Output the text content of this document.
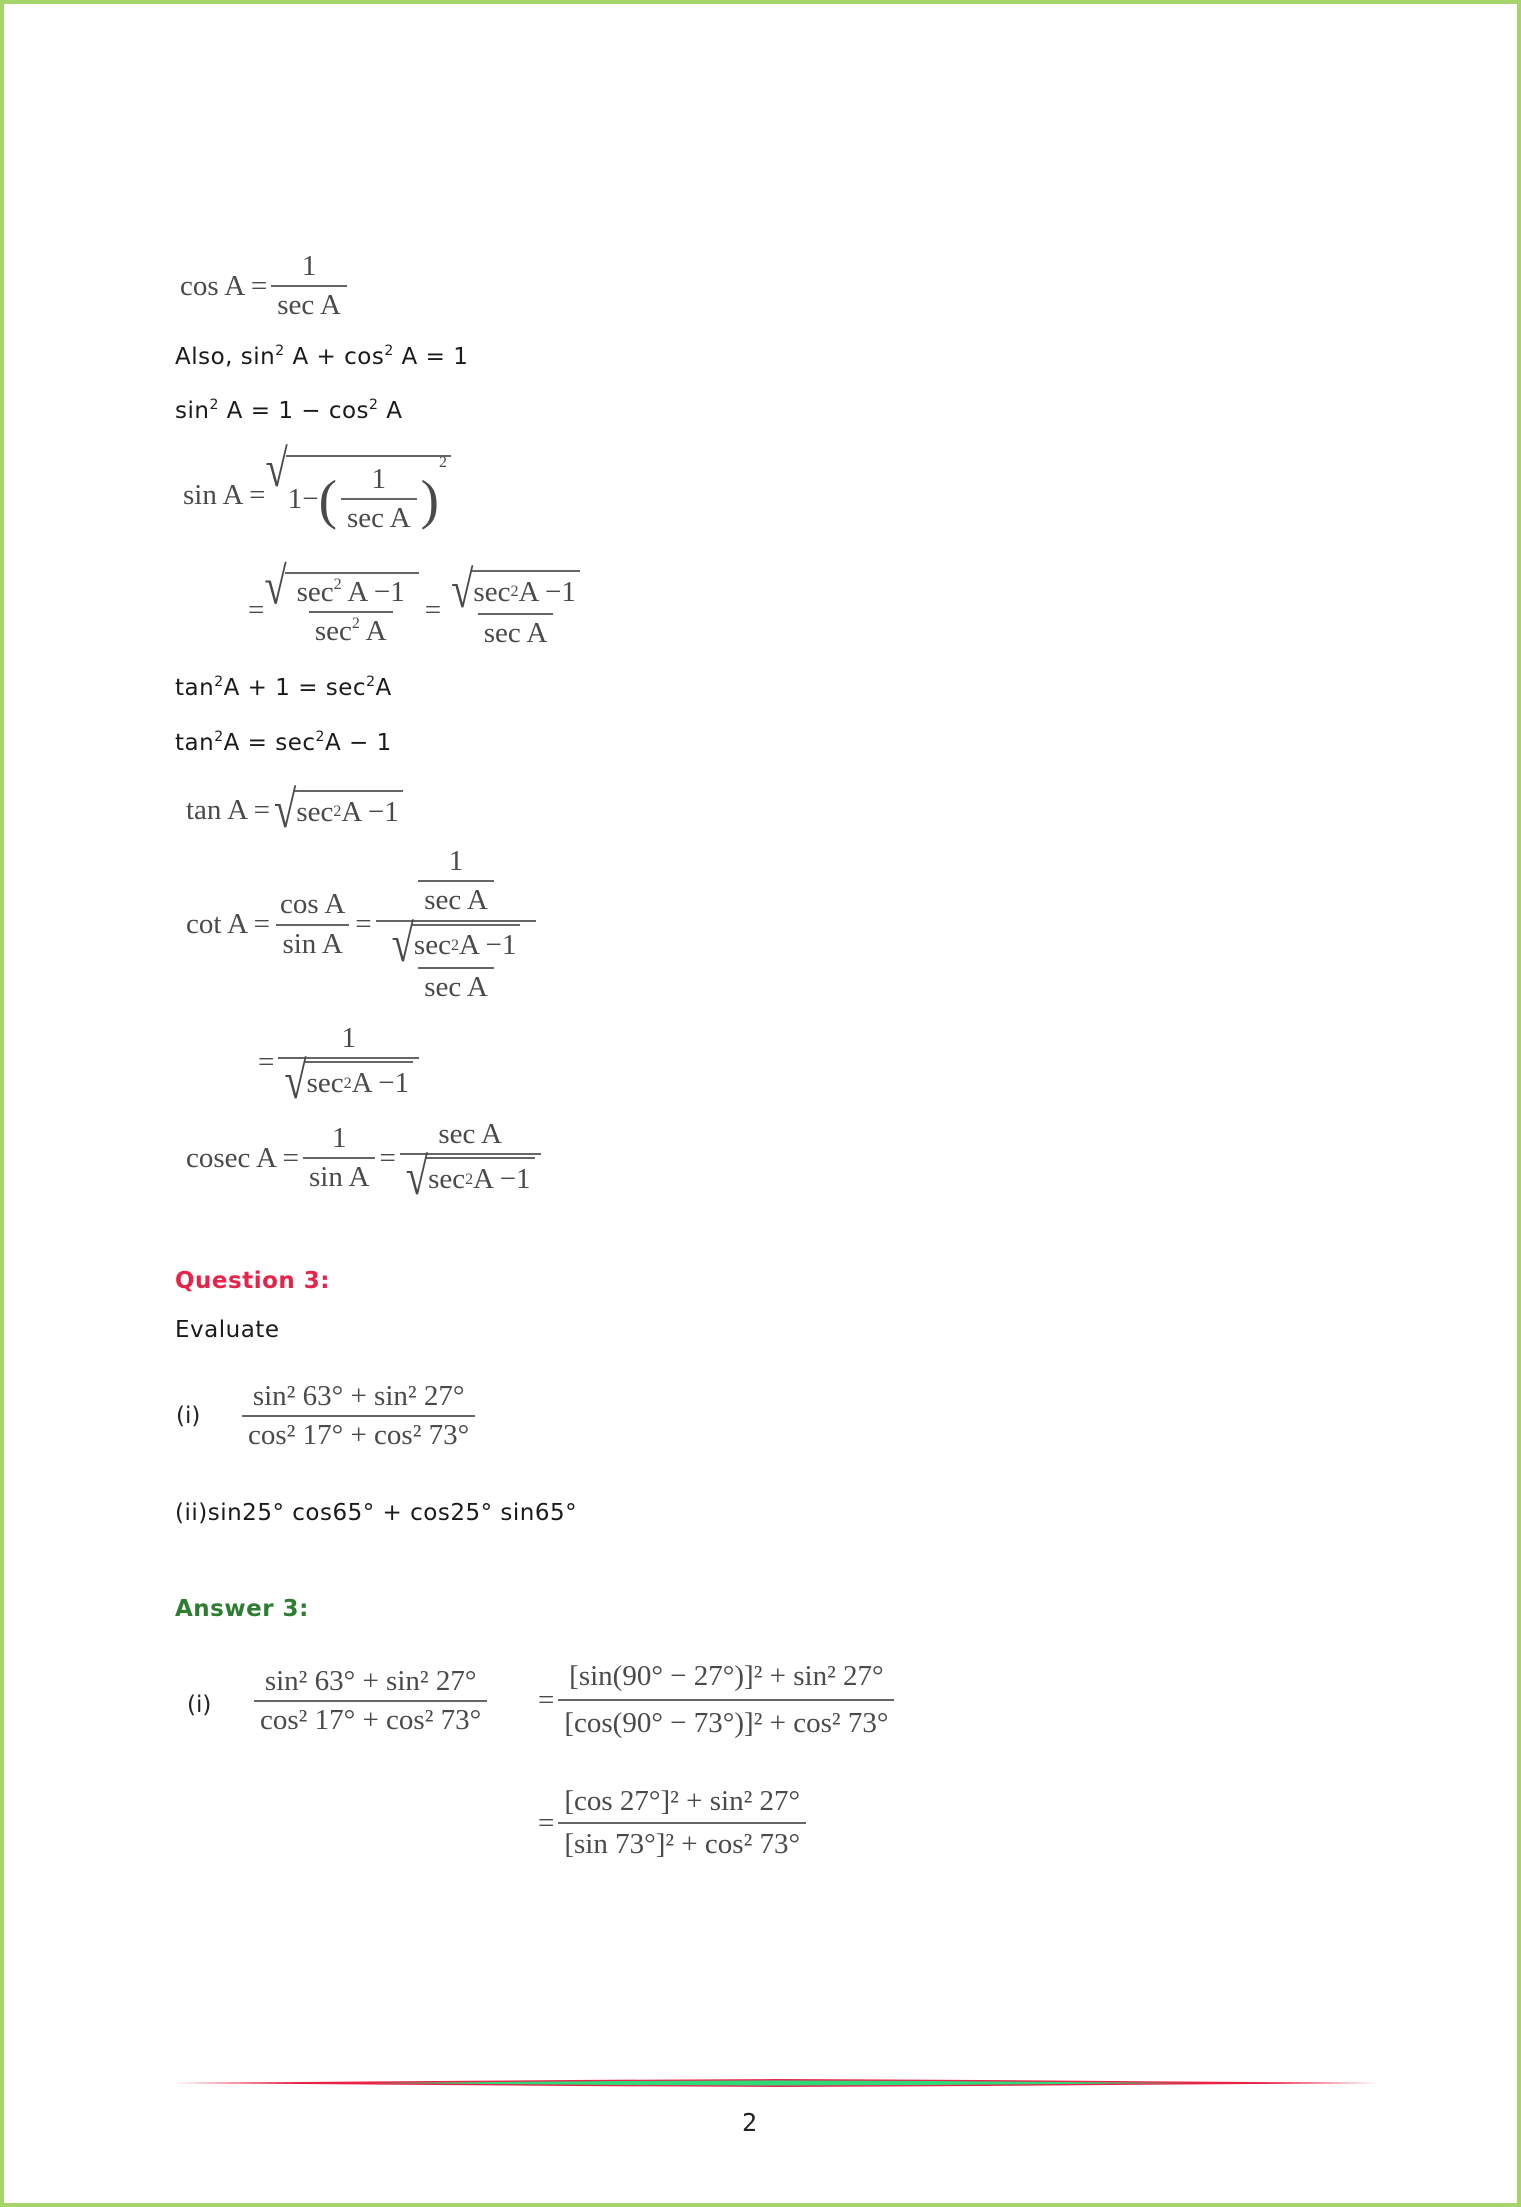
$\cos A = \frac{1}{\text{sec A}}$
Also, $\sin^2 A + \cos^2 A = 1$
$\sin^2 A = 1 - \cos^2 A$
sin A = √
1− ( $\frac{1}{\text{sec A}}$ )
2
= √ $\frac{\sec^2 A -1}{\sec^2 A} = \frac{√ \sec 2 A -1}{\text{sec A}}$
$\tan^2A + 1 = \sec^2A$
$\tan^2A = \sec^2A - 1$
tan A = √ sec 2 A −1
$\cot A = \frac{\text{cos A}}{\text{sin A}} = \frac{\frac{1}{\text{sec A}}}{\frac{√ \sec 2 A -1}{\text{sec A}}}$
= $\frac{1}{√ \sec 2 A -1}$
cosec $A = \frac{1}{\text{sin A}} = \frac{\text{sec A}}{√ \sec 2 A -1}$
Question 3:
Evaluate
$(i) \frac{\text{sin² 63° + sin² 27°}}{\text{cos² 17° + cos² 73°}}$
(ii)sin25° cos65° + cos25° sin65°
Answer 3:
$(i) \frac{\text{sin² 63° + sin² 27°}}{\text{cos² 17° + cos² 73°}} = \frac{\text{[sin(90° − 27°)]² + sin² 27°}}{\text{[cos(90° − 73°)]² + cos² 73°}}$
= $\frac{\text{[cos 27°]² + sin² 27°}}{\text{[sin 73°]² + cos² 73°}}$
2
